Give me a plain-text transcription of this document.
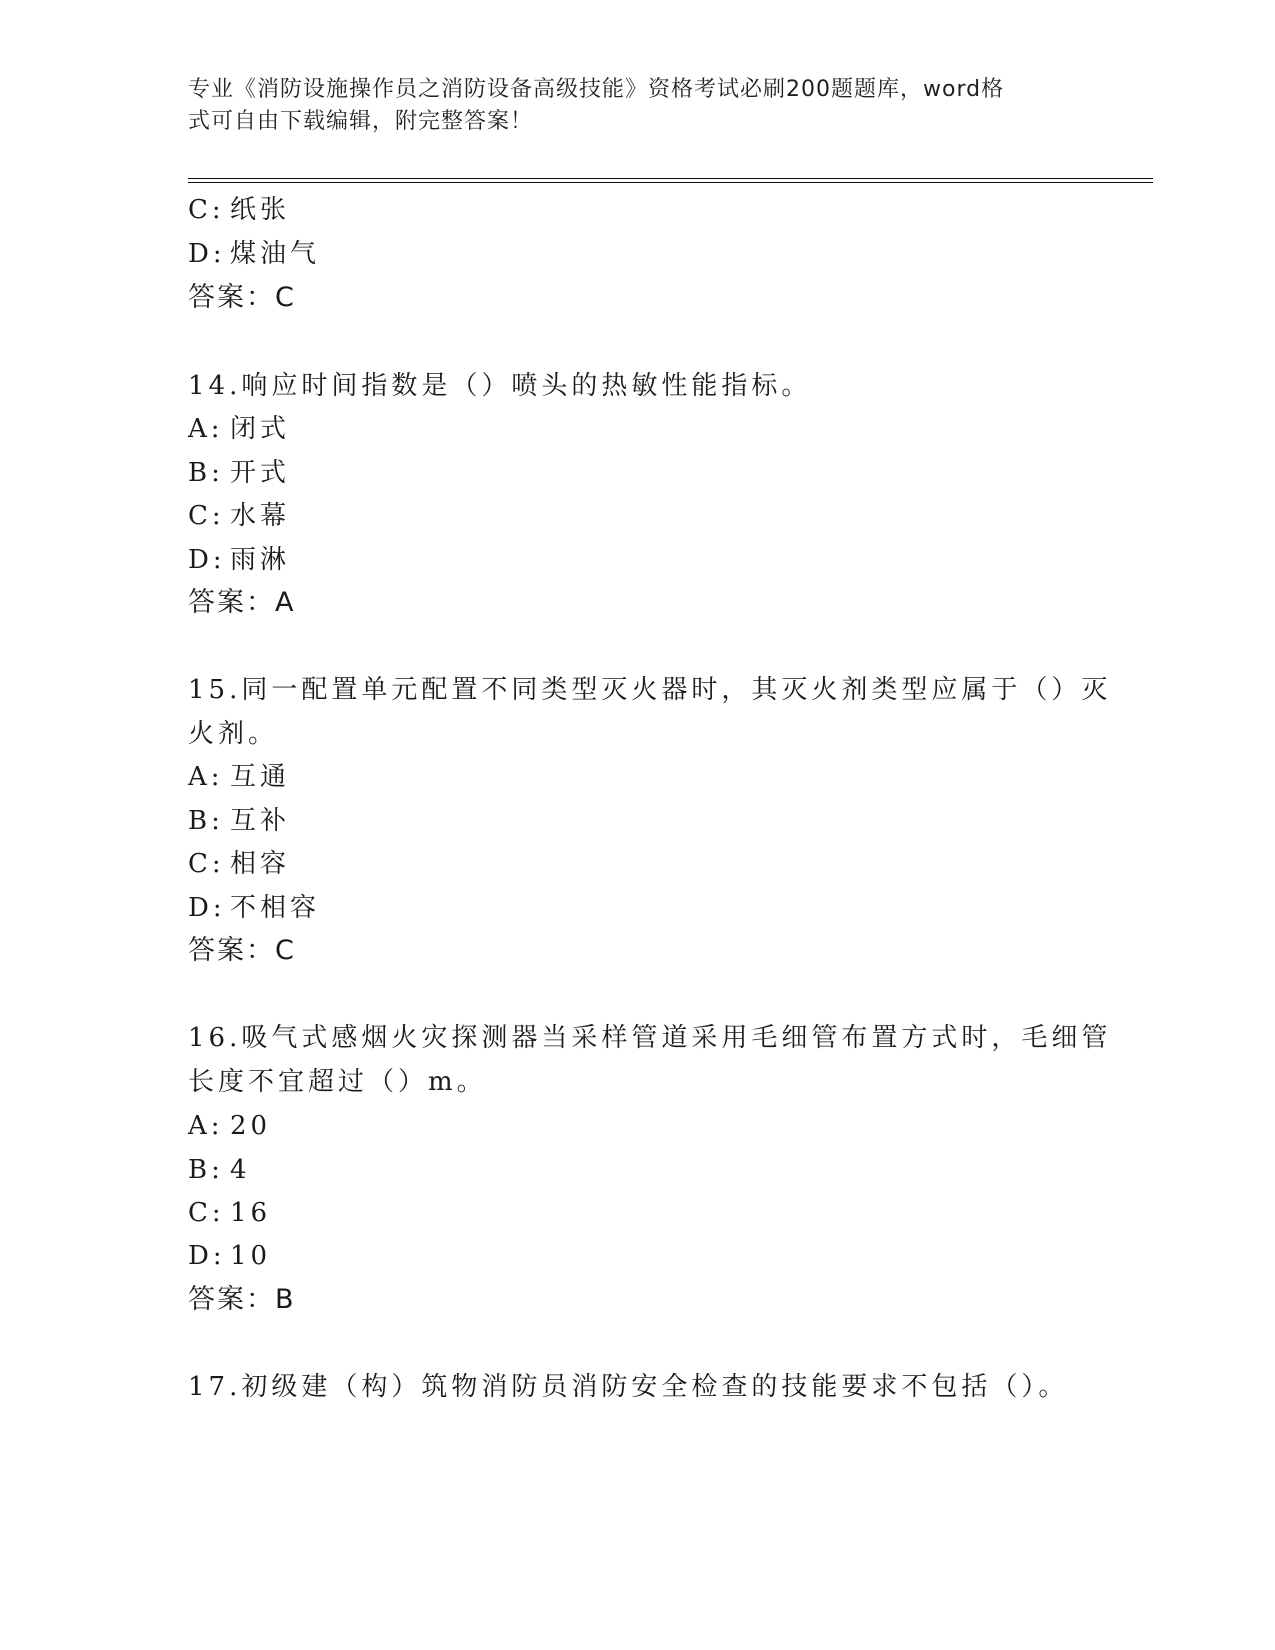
专业《消防设施操作员之消防设备高级技能》资格考试必刷200题题库，word格
式可自由下载编辑，附完整答案！
C: 纸张
D: 煤油气
答案：C
14.响应时间指数是（）喷头的热敏性能指标。
A: 闭式
B: 开式
C: 水幕
D: 雨淋
答案：A
15.同一配置单元配置不同类型灭火器时，其灭火剂类型应属于（）灭
火剂。
A: 互通
B: 互补
C: 相容
D: 不相容
答案：C
16.吸气式感烟火灾探测器当采样管道采用毛细管布置方式时，毛细管
长度不宜超过（）m。
A: 20
B: 4
C: 16
D: 10
答案：B
17.初级建（构）筑物消防员消防安全检查的技能要求不包括（）。
